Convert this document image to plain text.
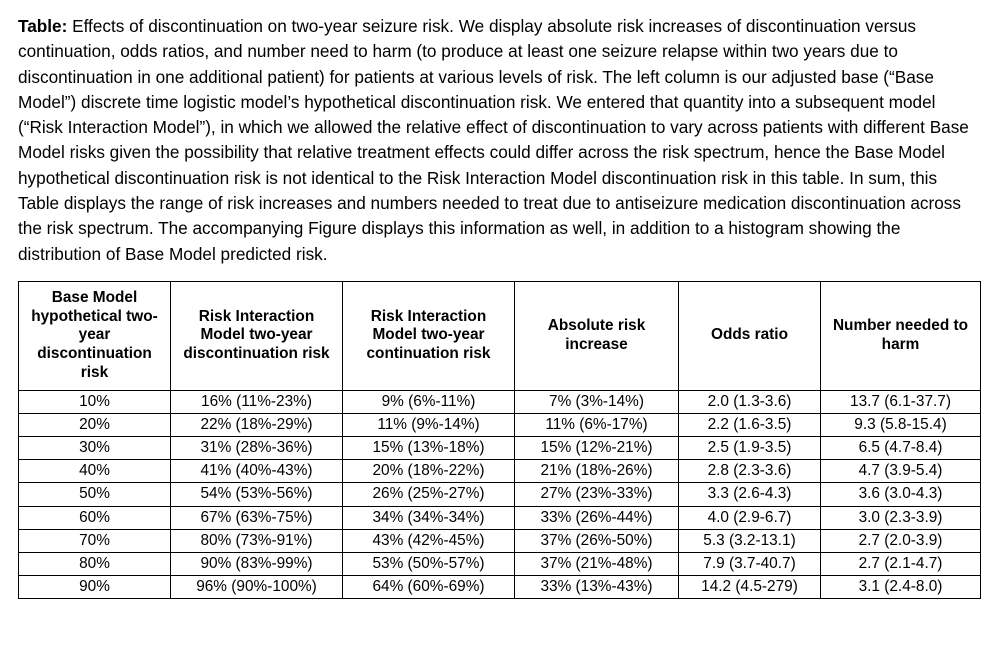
Table: Effects of discontinuation on two-year seizure risk. We display absolute risk increases of discontinuation versus continuation, odds ratios, and number need to harm (to produce at least one seizure relapse within two years due to discontinuation in one additional patient) for patients at various levels of risk. The left column is our adjusted base (“Base Model”) discrete time logistic model’s hypothetical discontinuation risk. We entered that quantity into a subsequent model (“Risk Interaction Model”), in which we allowed the relative effect of discontinuation to vary across patients with different Base Model risks given the possibility that relative treatment effects could differ across the risk spectrum, hence the Base Model hypothetical discontinuation risk is not identical to the Risk Interaction Model discontinuation risk in this table. In sum, this Table displays the range of risk increases and numbers needed to treat due to antiseizure medication discontinuation across the risk spectrum. The accompanying Figure displays this information as well, in addition to a histogram showing the distribution of Base Model predicted risk.

Base Model hypothetical two-year discontinuation risk	Risk Interaction Model two-year discontinuation risk	Risk Interaction Model two-year continuation risk	Absolute risk increase	Odds ratio	Number needed to harm
10%	16% (11%-23%)	9% (6%-11%)	7% (3%-14%)	2.0 (1.3-3.6)	13.7 (6.1-37.7)
20%	22% (18%-29%)	11% (9%-14%)	11% (6%-17%)	2.2 (1.6-3.5)	9.3 (5.8-15.4)
30%	31% (28%-36%)	15% (13%-18%)	15% (12%-21%)	2.5 (1.9-3.5)	6.5 (4.7-8.4)
40%	41% (40%-43%)	20% (18%-22%)	21% (18%-26%)	2.8 (2.3-3.6)	4.7 (3.9-5.4)
50%	54% (53%-56%)	26% (25%-27%)	27% (23%-33%)	3.3 (2.6-4.3)	3.6 (3.0-4.3)
60%	67% (63%-75%)	34% (34%-34%)	33% (26%-44%)	4.0 (2.9-6.7)	3.0 (2.3-3.9)
70%	80% (73%-91%)	43% (42%-45%)	37% (26%-50%)	5.3 (3.2-13.1)	2.7 (2.0-3.9)
80%	90% (83%-99%)	53% (50%-57%)	37% (21%-48%)	7.9 (3.7-40.7)	2.7 (2.1-4.7)
90%	96% (90%-100%)	64% (60%-69%)	33% (13%-43%)	14.2 (4.5-279)	3.1 (2.4-8.0)
